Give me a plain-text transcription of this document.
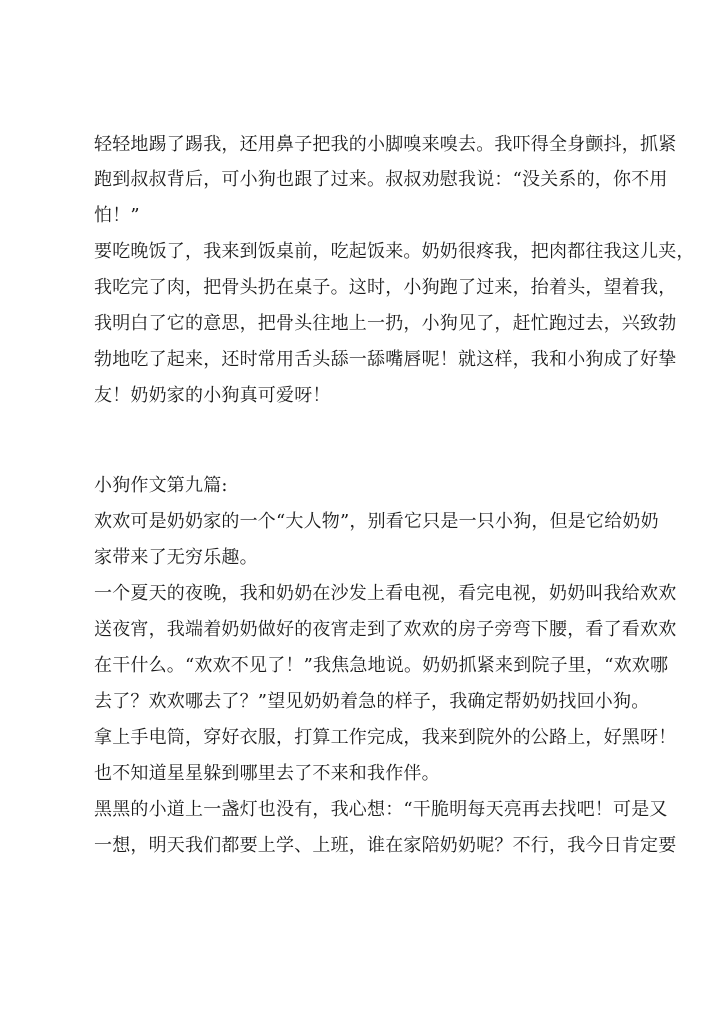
轻轻地踢了踢我，还用鼻子把我的小脚嗅来嗅去。我吓得全身颤抖，抓紧
跑到叔叔背后，可小狗也跟了过来。叔叔劝慰我说：“没关系的，你不用
怕！”
要吃晚饭了，我来到饭桌前，吃起饭来。奶奶很疼我，把肉都往我这儿夹，
我吃完了肉，把骨头扔在桌子。这时，小狗跑了过来，抬着头，望着我，
我明白了它的意思，把骨头往地上一扔，小狗见了，赶忙跑过去，兴致勃
勃地吃了起来，还时常用舌头舔一舔嘴唇呢！就这样，我和小狗成了好挚
友！奶奶家的小狗真可爱呀！
小狗作文第九篇:
欢欢可是奶奶家的一个“大人物”，别看它只是一只小狗，但是它给奶奶
家带来了无穷乐趣。
一个夏天的夜晚，我和奶奶在沙发上看电视，看完电视，奶奶叫我给欢欢
送夜宵，我端着奶奶做好的夜宵走到了欢欢的房子旁弯下腰，看了看欢欢
在干什么。“欢欢不见了！”我焦急地说。奶奶抓紧来到院子里，“欢欢哪
去了？欢欢哪去了？”望见奶奶着急的样子，我确定帮奶奶找回小狗。
拿上手电筒，穿好衣服，打算工作完成，我来到院外的公路上，好黑呀！
也不知道星星躲到哪里去了不来和我作伴。
黑黑的小道上一盏灯也没有，我心想：“干脆明每天亮再去找吧！可是又
一想，明天我们都要上学、上班，谁在家陪奶奶呢？不行，我今日肯定要
